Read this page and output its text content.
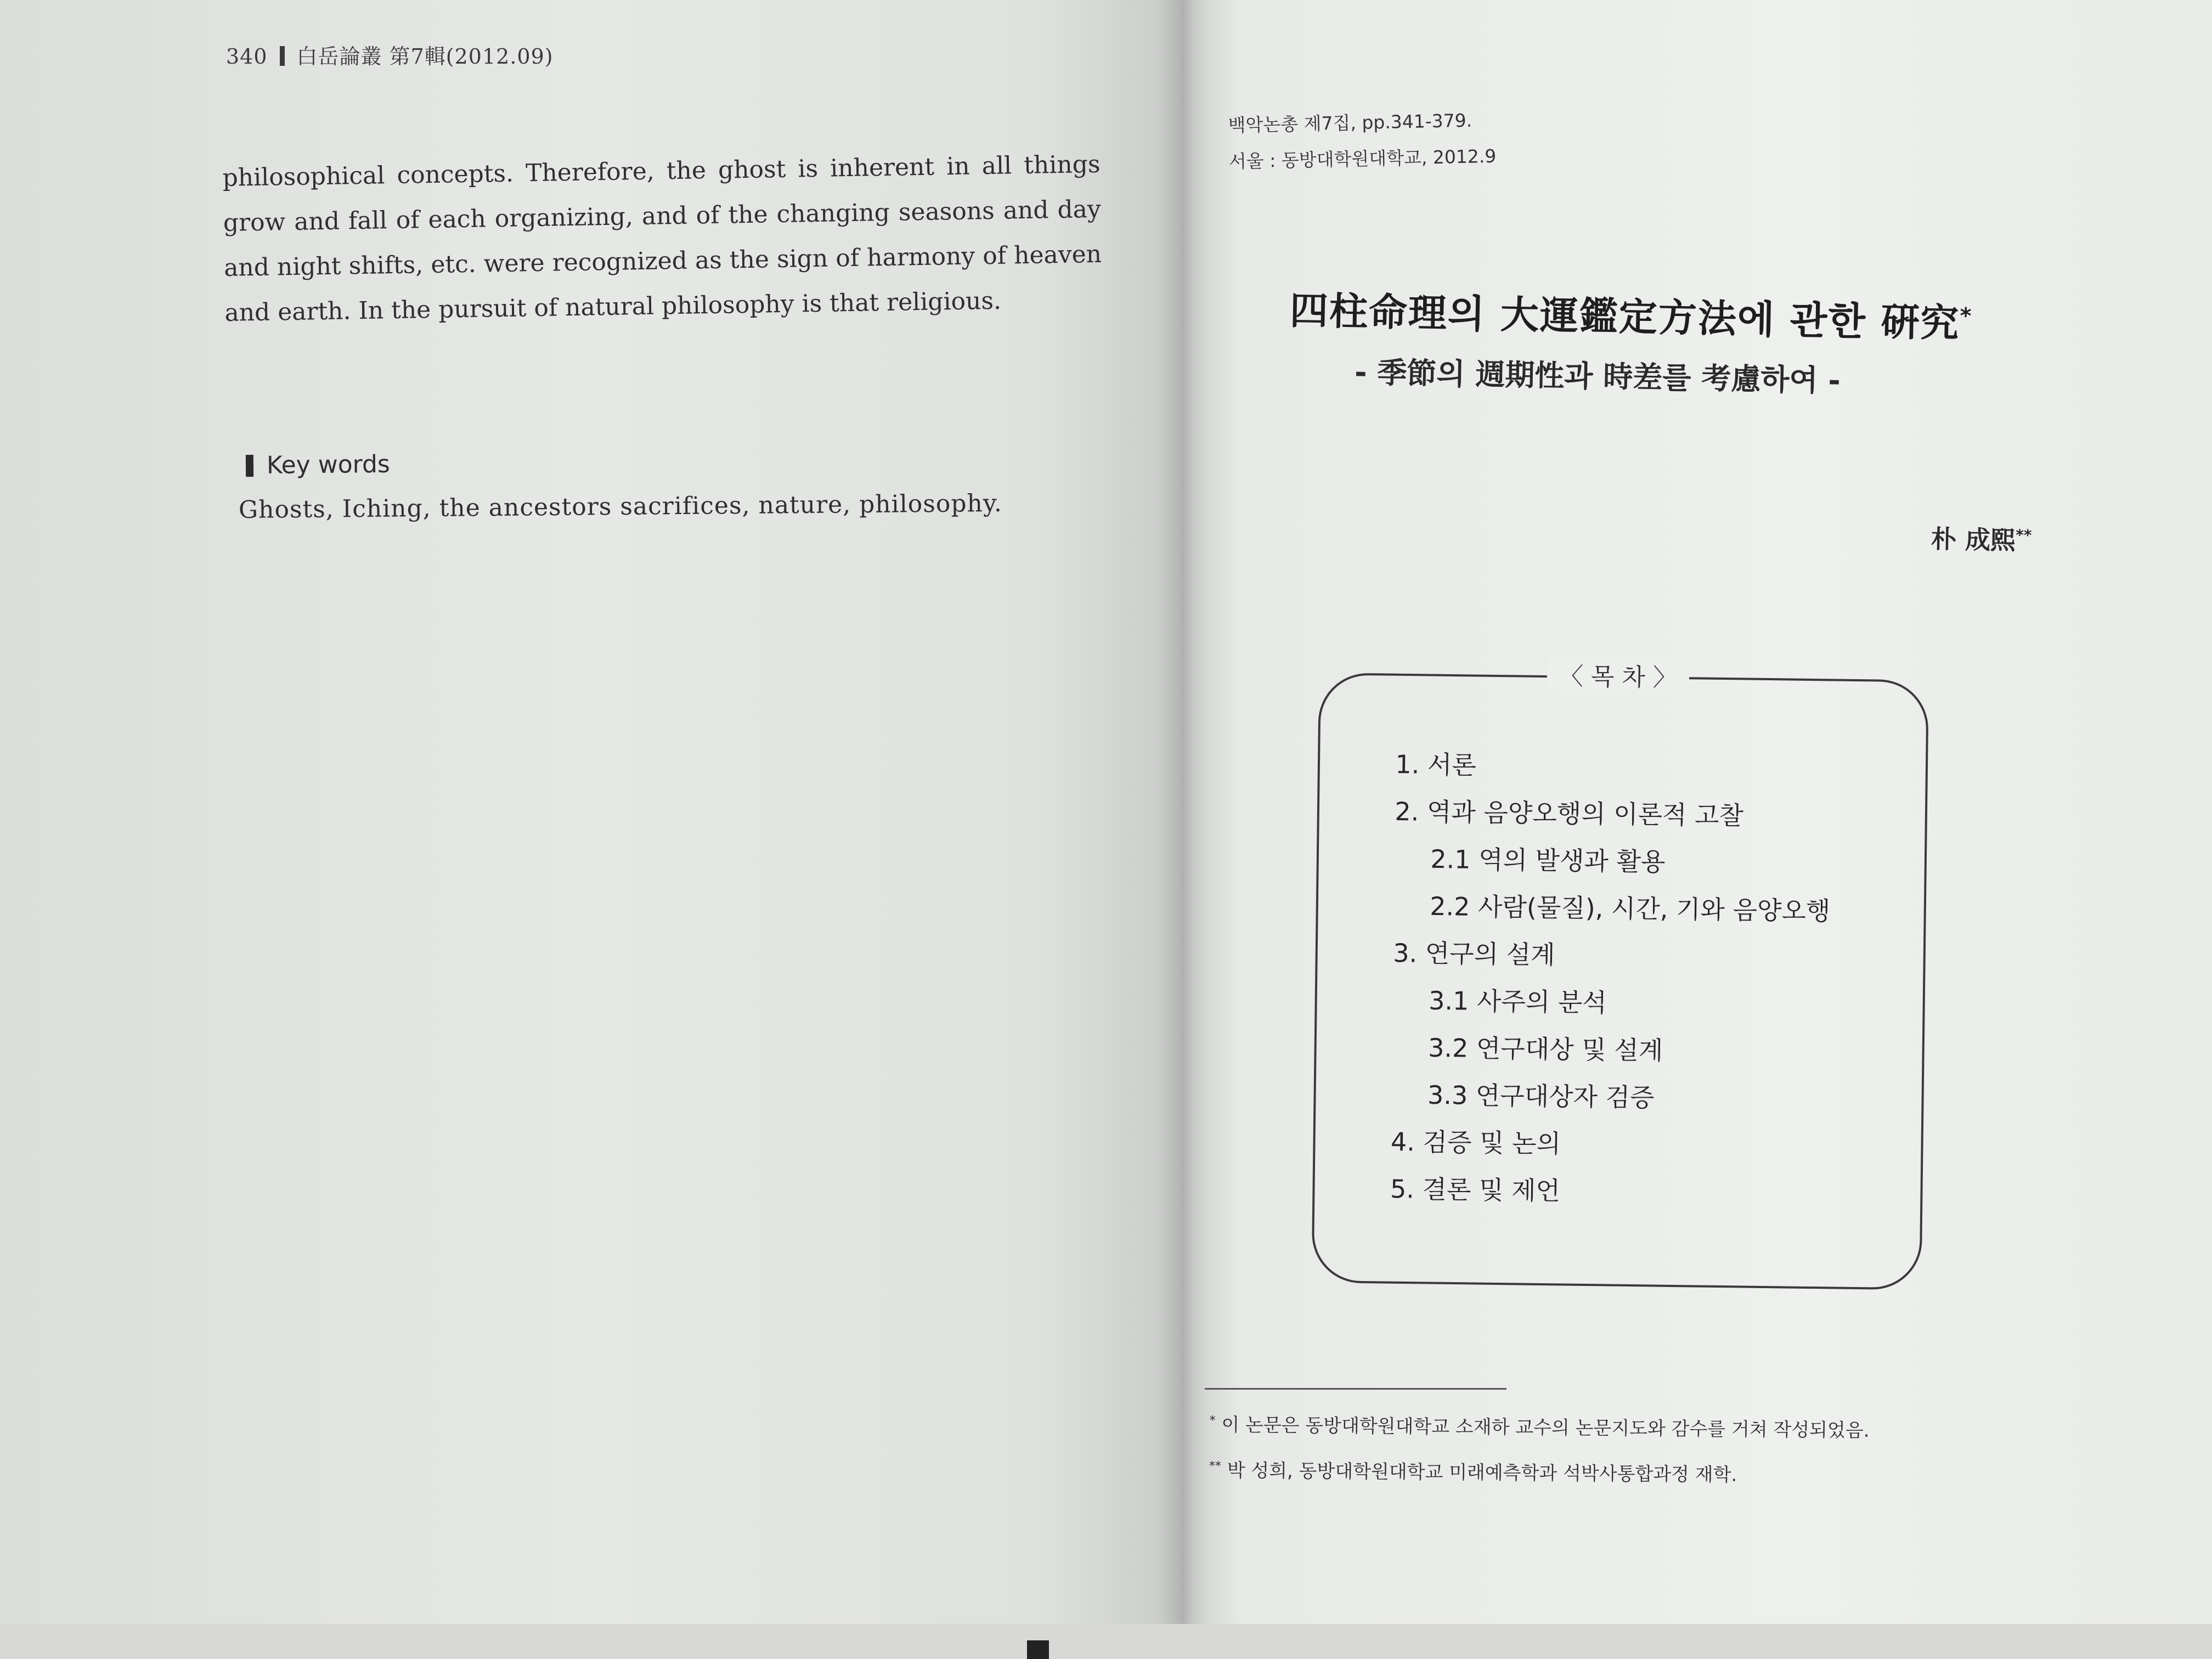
340 白岳論叢 第7輯(2012.09)

philosophical concepts. Therefore, the ghost is inherent in all things grow and fall of each organizing, and of the changing seasons and day and night shifts, etc. were recognized as the sign of harmony of heaven and earth. In the pursuit of natural philosophy is that religious.

Key words
Ghosts, Iching, the ancestors sacrifices, nature, philosophy.
백악논총 제7집, pp.341-379.
서울 : 동방대학원대학교, 2012.9
四柱命理의 大運鑑定方法에 관한 硏究*
- 季節의 週期性과 時差를 考慮하여 -
朴 成熙**
〈 목 차 〉
1. 서론
2. 역과 음양오행의 이론적 고찰
2.1 역의 발생과 활용
2.2 사람(물질), 시간, 기와 음양오행
3. 연구의 설계
3.1 사주의 분석
3.2 연구대상 및 설계
3.3 연구대상자 검증
4. 검증 및 논의
5. 결론 및 제언
* 이 논문은 동방대학원대학교 소재하 교수의 논문지도와 감수를 거쳐 작성되었음.
** 박 성희, 동방대학원대학교 미래예측학과 석박사통합과정 재학.
